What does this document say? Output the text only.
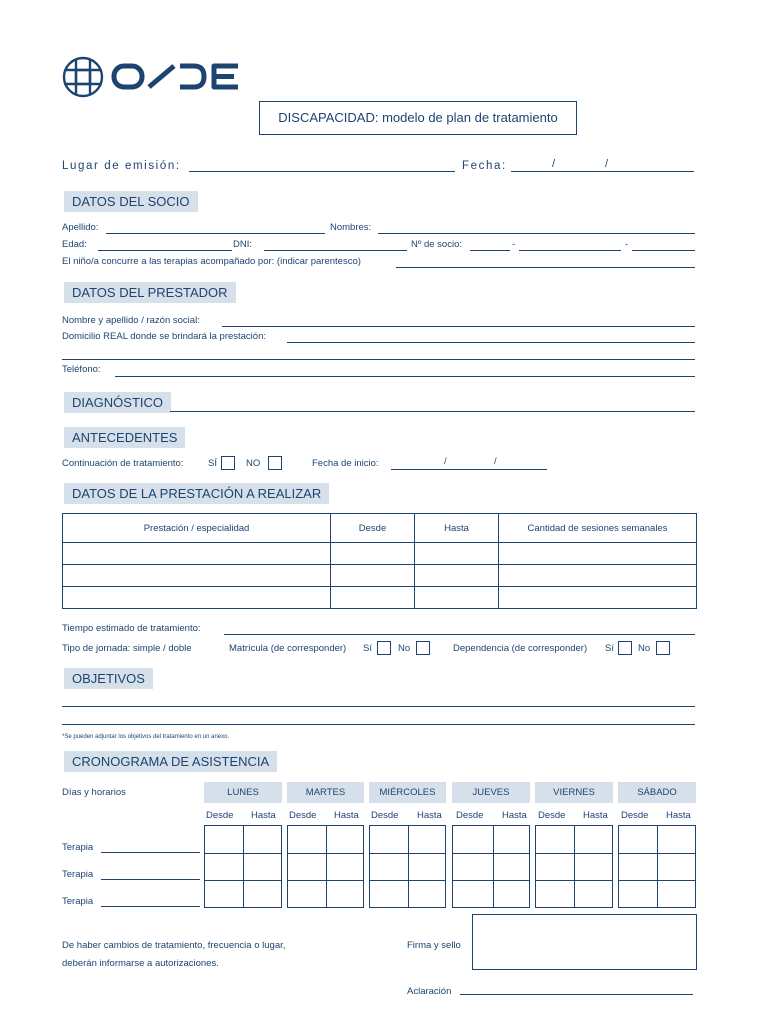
DISCAPACIDAD: modelo de plan de tratamiento
Lugar de emisión:	Fecha:	/	/
DATOS DEL SOCIO
Apellido:	Nombres:
Edad:	DNI:	Nº de socio:	-	-
El niño/a concurre a las terapias acompañado por: (indicar parentesco)
DATOS DEL PRESTADOR
Nombre y apellido / razón social:
Domicilio REAL donde se brindará la prestación:
Teléfono:
DIAGNÓSTICO
ANTECEDENTES
Continuación de tratamiento:	SÍ	NO	Fecha de inicio:	/	/
DATOS DE LA PRESTACIÓN A REALIZAR
Prestación / especialidad	Desde	Hasta	Cantidad de sesiones semanales

Tiempo estimado de tratamiento:
Tipo de jornada: simple / doble	Matrícula (de corresponder) Sí	No	Dependencia (de corresponder) Sí	No
OBJETIVOS
*Se pueden adjuntar los objetivos del tratamiento en un anexo.
CRONOGRAMA DE ASISTENCIA
Días y horarios	LUNES	MARTES	MIÉRCOLES	JUEVES	VIERNES	SÁBADO
Desde Hasta Desde Hasta Desde Hasta Desde Hasta Desde Hasta Desde Hasta
Terapia
Terapia
Terapia
De haber cambios de tratamiento, frecuencia o lugar,
deberán informarse a autorizaciones.
Firma y sello
Aclaración
